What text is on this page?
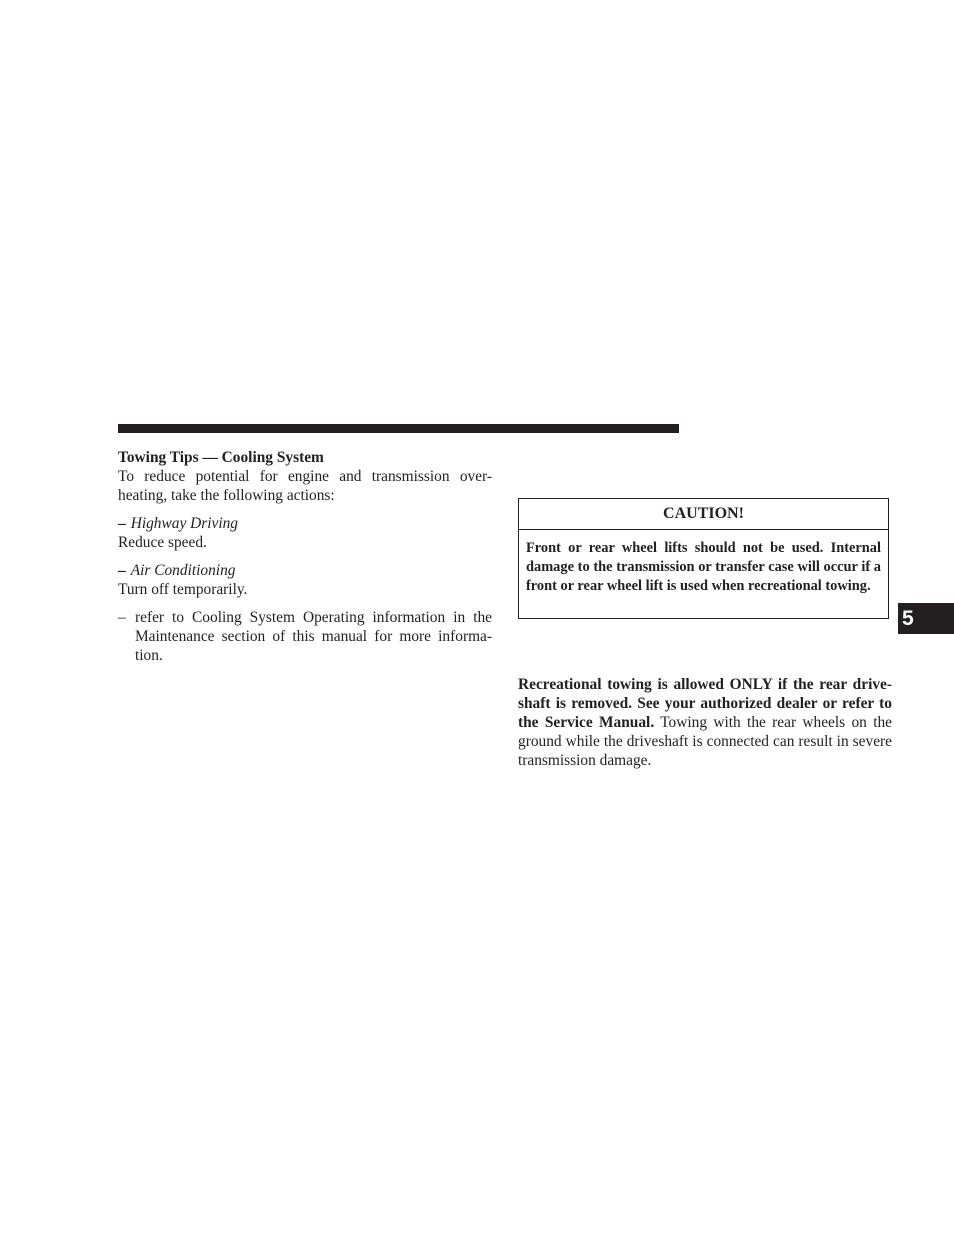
Towing Tips — Cooling System

To reduce potential for engine and transmission over-heating, take the following actions:

– Highway Driving

Reduce speed.

– Air Conditioning

Turn off temporarily.

– refer to Cooling System Operating information in the Maintenance section of this manual for more informa-tion.

CAUTION!
Front or rear wheel lifts should not be used. Internal damage to the transmission or transfer case will occur if a front or rear wheel lift is used when recreational towing.

Recreational towing is allowed ONLY if the rear drive-shaft is removed. See your authorized dealer or refer to the Service Manual. Towing with the rear wheels on the ground while the driveshaft is connected can result in severe transmission damage.

5
